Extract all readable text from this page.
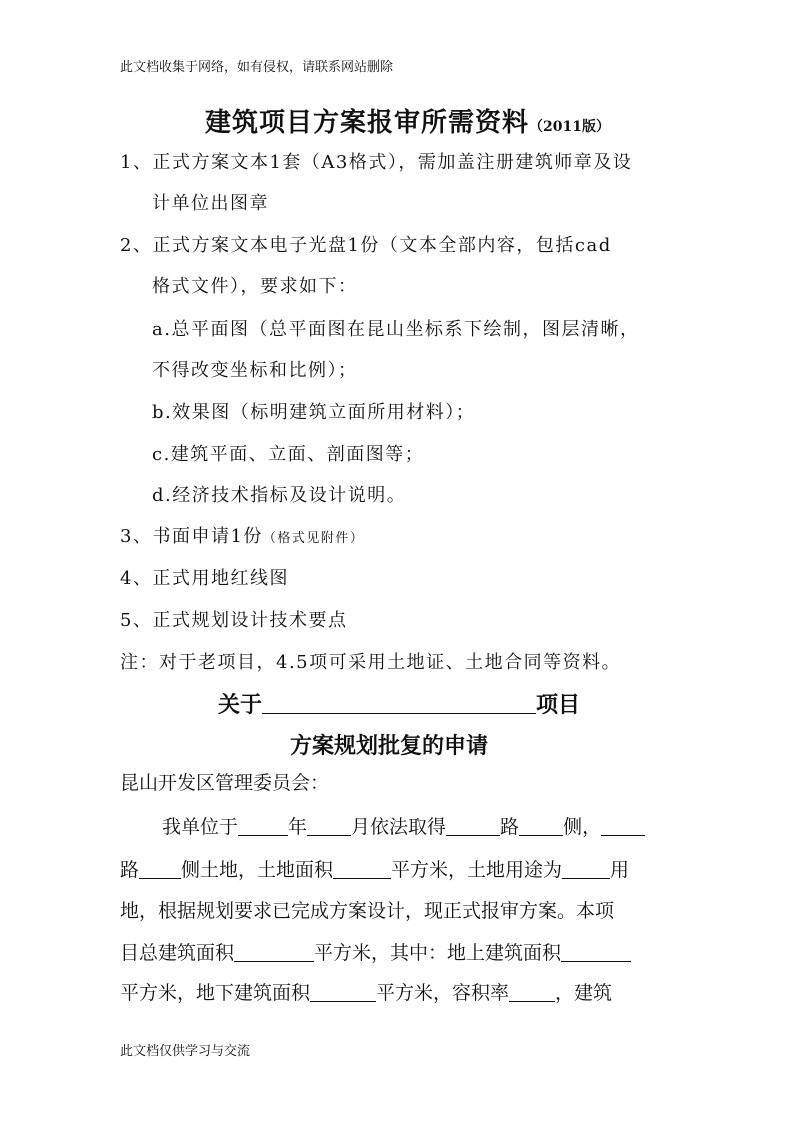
此文档收集于网络，如有侵权，请联系网站删除
建筑项目方案报审所需资料（2011版）
1、正式方案文本1套（A3格式），需加盖注册建筑师章及设
计单位出图章
2、正式方案文本电子光盘1份（文本全部内容，包括cad
格式文件），要求如下：
a.总平面图（总平面图在昆山坐标系下绘制，图层清晰，
不得改变坐标和比例）；
b.效果图（标明建筑立面所用材料）；
c.建筑平面、立面、剖面图等；
d.经济技术指标及设计说明。
3、书面申请1份（格式见附件）
4、正式用地红线图
5、正式规划设计技术要点
注：对于老项目，4.5项可采用土地证、土地合同等资料。
关于	项目
方案规划批复的申请
昆山开发区管理委员会：
我单位于	年 月依法取得	路 侧，
路 侧土地，土地面积	平方米，土地用途为	用
地，根据规划要求已完成方案设计，现正式报审方案。本项
目总建筑面积	平方米，其中：地上建筑面积
平方米，地下建筑面积	平方米，容积率 ，建筑
此文档仅供学习与交流
